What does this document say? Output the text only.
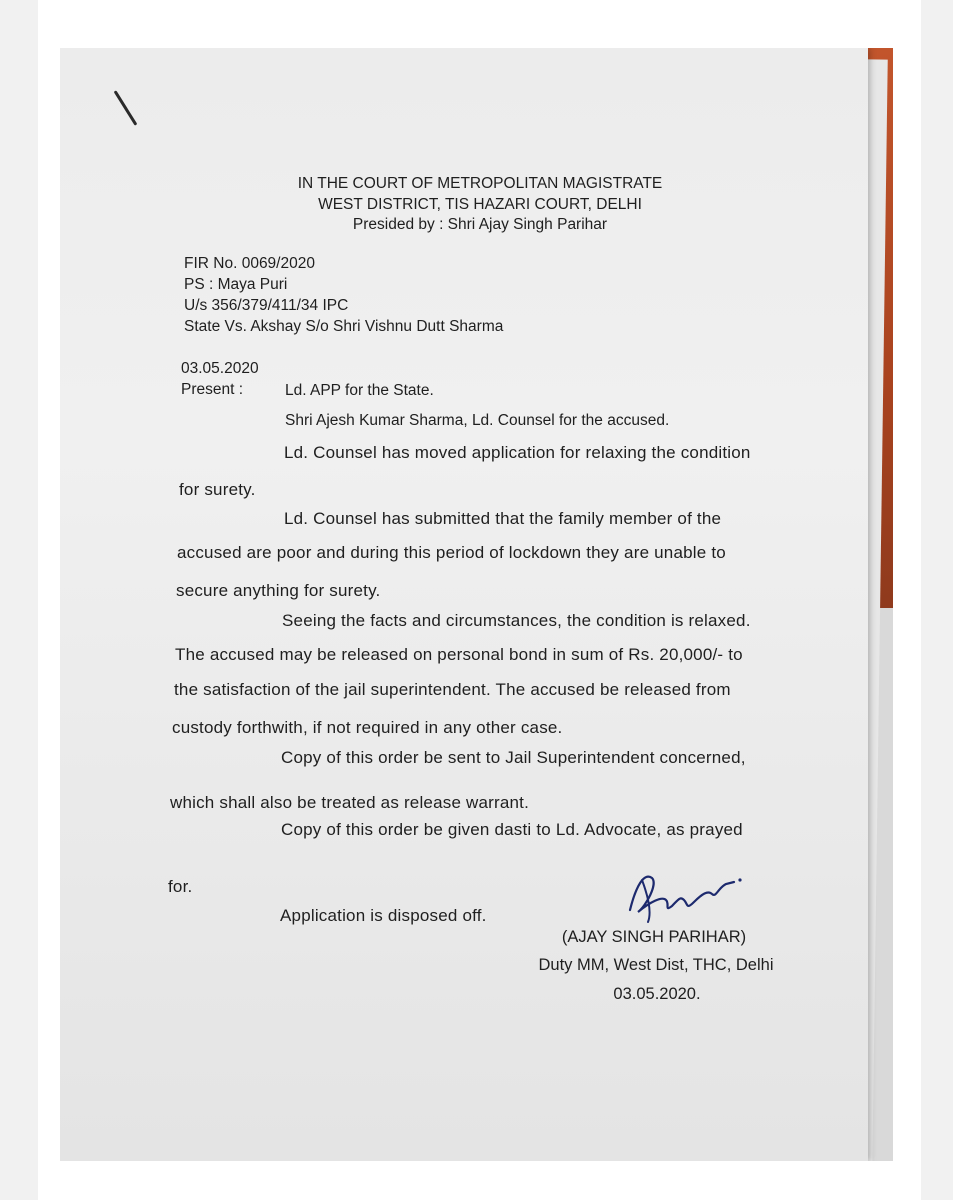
IN THE COURT OF METROPOLITAN MAGISTRATE
WEST DISTRICT, TIS HAZARI COURT, DELHI
Presided by : Shri Ajay Singh Parihar
FIR No. 0069/2020
PS : Maya Puri
U/s 356/379/411/34 IPC
State Vs. Akshay S/o Shri Vishnu Dutt Sharma
03.05.2020
Present :	Ld. APP for the State.
Shri Ajesh Kumar Sharma, Ld. Counsel for the accused.
Ld. Counsel has moved application for relaxing the condition
for surety.
Ld. Counsel has submitted that the family member of the
accused are poor and during this period of lockdown they are unable to
secure anything for surety.
Seeing the facts and circumstances, the condition is relaxed.
The accused may be released on personal bond in sum of Rs. 20,000/- to
the satisfaction of the jail superintendent. The accused be released from
custody forthwith, if not required in any other case.
Copy of this order be sent to Jail Superintendent concerned,
which shall also be treated as release warrant.
Copy of this order be given dasti to Ld. Advocate, as prayed
for.
Application is disposed off.
(AJAY SINGH PARIHAR)
Duty MM, West Dist, THC, Delhi
03.05.2020.
